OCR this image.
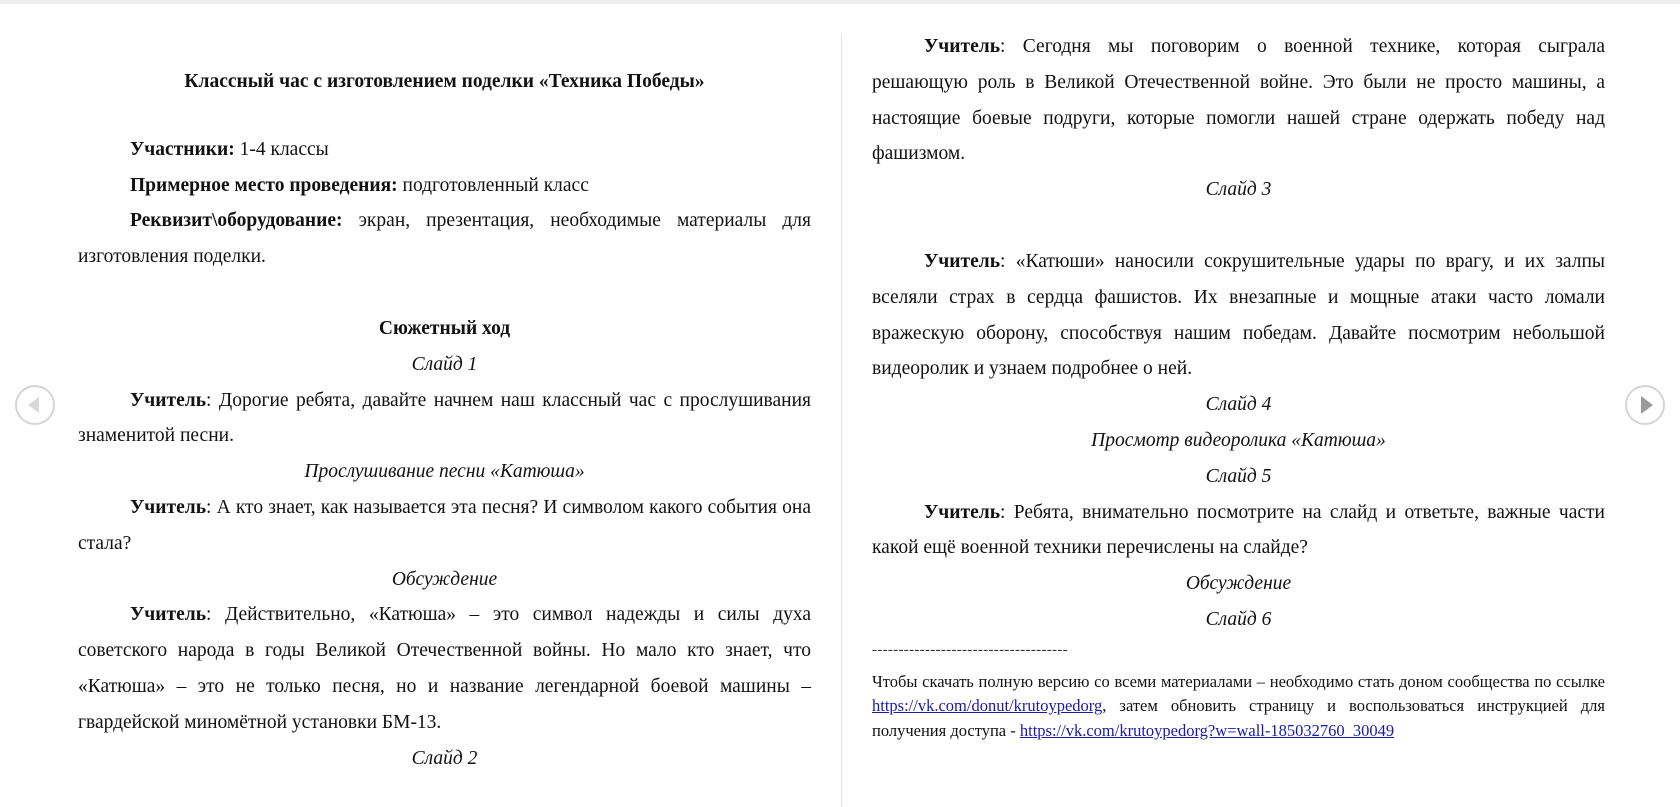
Классный час с изготовлением поделки «Техника Победы»

Участники: 1-4 классы

Примерное место проведения: подготовленный класс

Реквизит\оборудование: экран, презентация, необходимые материалы для изготовления поделки.

Сюжетный ход

Слайд 1

Учитель: Дорогие ребята, давайте начнем наш классный час с прослушивания знаменитой песни.

Прослушивание песни «Катюша»

Учитель: А кто знает, как называется эта песня? И символом какого события она стала?

Обсуждение

Учитель: Действительно, «Катюша» – это символ надежды и силы духа советского народа в годы Великой Отечественной войны. Но мало кто знает, что «Катюша» – это не только песня, но и название легендарной боевой машины – гвардейской миномётной установки БМ-13.

Слайд 2

Учитель: Сегодня мы поговорим о военной технике, которая сыграла решающую роль в Великой Отечественной войне. Это были не просто машины, а настоящие боевые подруги, которые помогли нашей стране одержать победу над фашизмом.

Слайд 3

Учитель: «Катюши» наносили сокрушительные удары по врагу, и их залпы вселяли страх в сердца фашистов. Их внезапные и мощные атаки часто ломали вражескую оборону, способствуя нашим победам. Давайте посмотрим небольшой видеоролик и узнаем подробнее о ней.

Слайд 4

Просмотр видеоролика «Катюша»

Слайд 5

Учитель: Ребята, внимательно посмотрите на слайд и ответьте, важные части какой ещё военной техники перечислены на слайде?

Обсуждение

Слайд 6

-------------------------------------

Чтобы скачать полную версию со всеми материалами – необходимо стать доном сообщества по ссылке https://vk.com/donut/krutoypedorg, затем обновить страницу и воспользоваться инструкцией для получения доступа - https://vk.com/krutoypedorg?w=wall-185032760_30049
